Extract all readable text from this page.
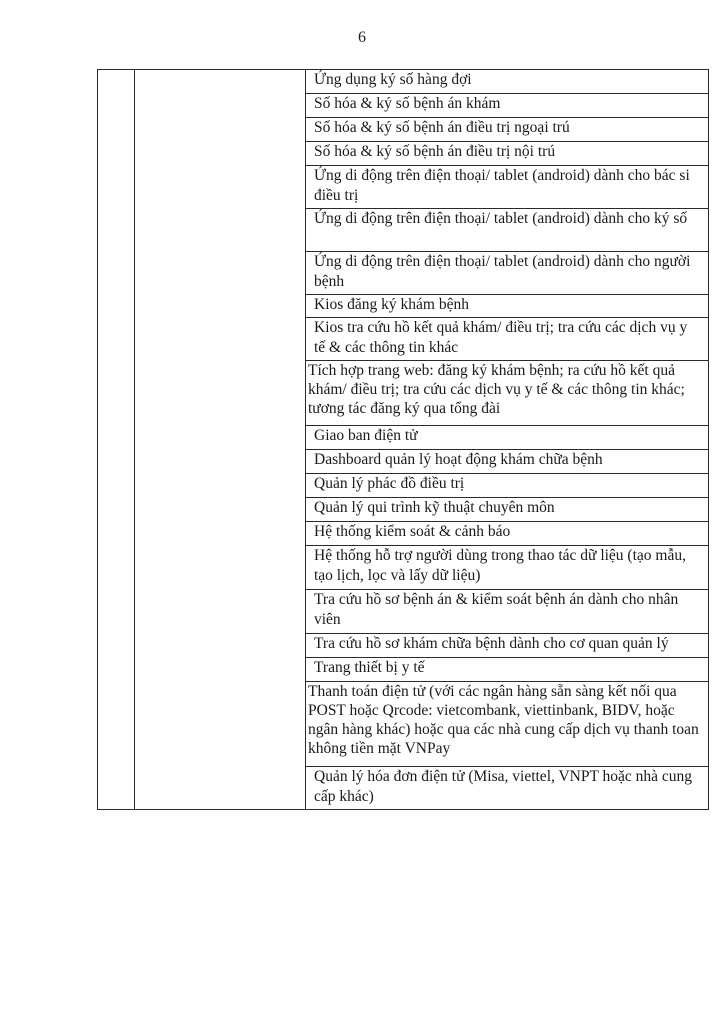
6
		Ứng dụng ký số hàng đợi
Số hóa & ký số bệnh án khám
Số hóa & ký số bệnh án điều trị ngoại trú
Số hóa & ký số bệnh án điều trị nội trú
Ứng di động trên điện thoại/ tablet (android) dành cho bác si điều trị
Ứng di động trên điện thoại/ tablet (android) dành cho ký số
Ứng di động trên điện thoại/ tablet (android) dành cho người bệnh
Kios đăng ký khám bệnh
Kios tra cứu hồ kết quả khám/ điều trị; tra cứu các dịch vụ y tế & các thông tin khác
Tích hợp trang web: đăng ký khám bệnh; ra cứu hồ kết quả khám/ điều trị; tra cứu các dịch vụ y tế & các thông tin khác; tương tác đăng ký qua tổng đài
Giao ban điện tử
Dashboard quản lý hoạt động khám chữa bệnh
Quản lý phác đồ điều trị
Quản lý qui trình kỹ thuật chuyên môn
Hệ thống kiểm soát & cảnh báo
Hệ thống hỗ trợ người dùng trong thao tác dữ liệu (tạo mẫu, tạo lịch, lọc và lấy dữ liệu)
Tra cứu hồ sơ bệnh án & kiểm soát bệnh án dành cho nhân viên
Tra cứu hồ sơ khám chữa bệnh dành cho cơ quan quản lý
Trang thiết bị y tế
Thanh toán điện tử (với các ngân hàng sẵn sàng kết nối qua POST hoặc Qrcode: vietcombank, viettinbank, BIDV, hoặc ngân hàng khác) hoặc qua các nhà cung cấp dịch vụ thanh toan không tiền mặt VNPay
Quản lý hóa đơn điện tử (Misa, viettel, VNPT hoặc nhà cung cấp khác)
